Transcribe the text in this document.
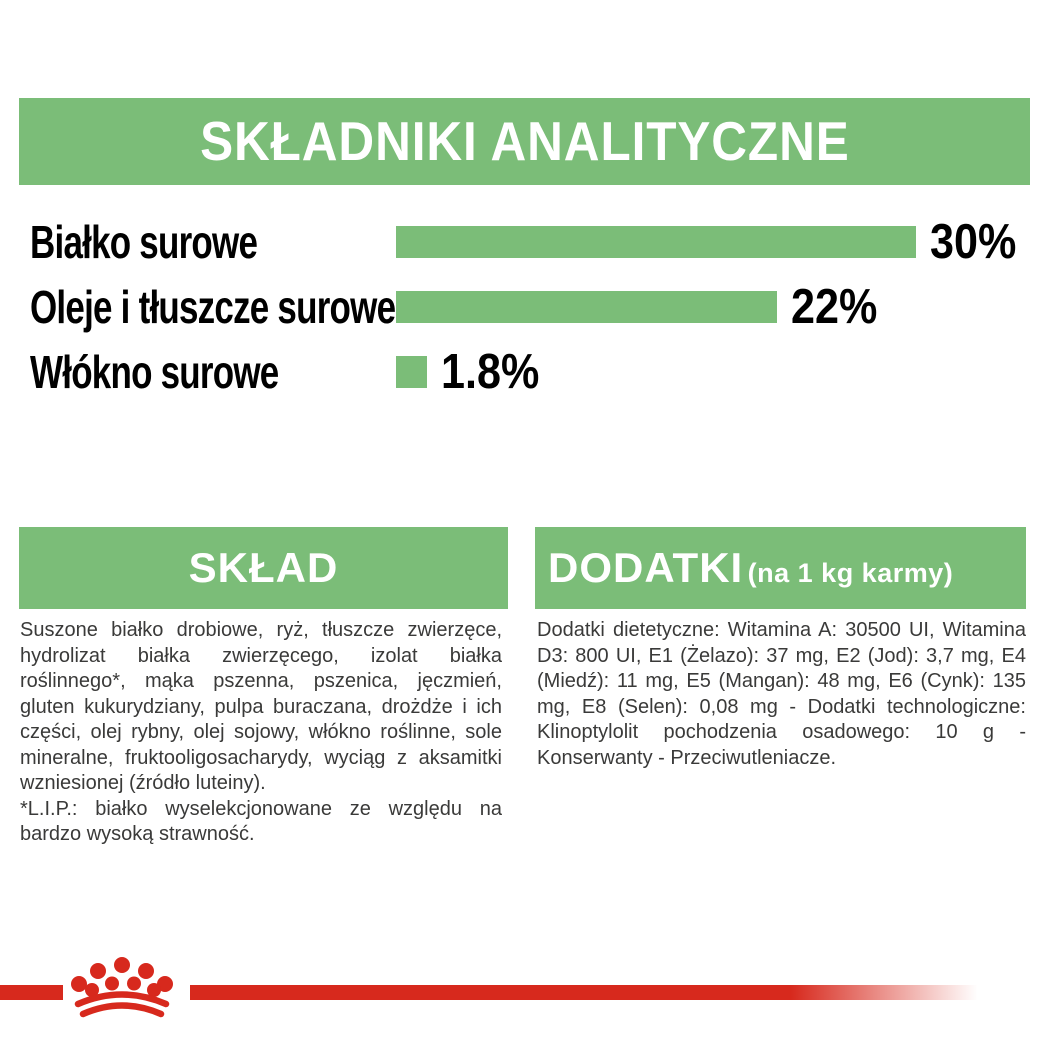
SKŁADNIKI ANALITYCZNE
Białko surowe	30%
Oleje i tłuszcze surowe	22%
Włókno surowe	1.8%
SKŁAD

Suszone białko drobiowe, ryż, tłuszcze zwierzęce, hydrolizat białka zwierzęcego, izolat białka roślinnego*, mąka pszenna, pszenica, jęczmień, gluten kukurydziany, pulpa buraczana, drożdże i ich części, olej rybny, olej sojowy, włókno roślinne, sole mineralne, fruktooligosacharydy, wyciąg z aksamitki wzniesionej (źródło luteiny).

*L.I.P.: białko wyselekcjonowane ze względu na bardzo wysoką strawność.

DODATKI (na 1 kg karmy)

Dodatki dietetyczne: Witamina A: 30500 UI, Witamina D3: 800 UI, E1 (Żelazo): 37 mg, E2 (Jod): 3,7 mg, E4 (Miedź): 11 mg, E5 (Mangan): 48 mg, E6 (Cynk): 135 mg, E8 (Selen): 0,08 mg - Dodatki technologiczne: Klinoptylolit pochodzenia osadowego: 10 g - Konserwanty - Przeciwutleniacze.
